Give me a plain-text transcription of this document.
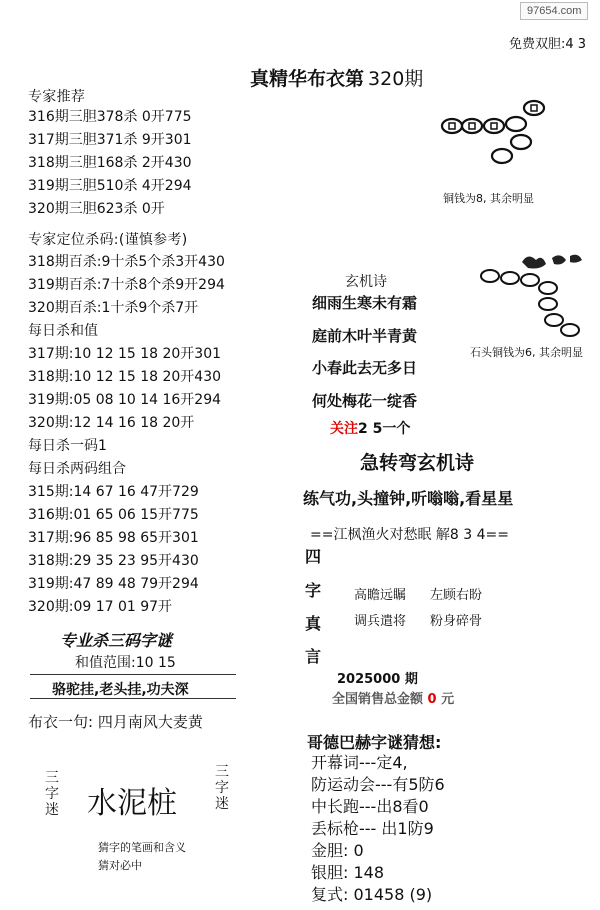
97654.com
免费双胆:4 3
真精华布衣第 320期
专家推荐
316期三胆378杀 0开775
317期三胆371杀 9开301
318期三胆168杀 2开430
319期三胆510杀 4开294
320期三胆623杀 0开
专家定位杀码:(谨慎参考)
318期百杀:9十杀5个杀3开430
319期百杀:7十杀8个杀9开294
320期百杀:1十杀9个杀7开
每日杀和值
317期:10 12 15 18 20开301
318期:10 12 15 18 20开430
319期:05 08 10 14 16开294
320期:12 14 16 18 20开
每日杀一码1
每日杀两码组合
315期:14 67 16 47开729
316期:01 65 06 15开775
317期:96 85 98 65开301
318期:29 35 23 95开430
319期:47 89 48 79开294
320期:09 17 01 97开
专业杀三码字谜
和值范围:10 15
骆驼挂,老头挂,功夫深
布衣一句: 四月南风大麦黄
三字迷 水泥桩
三字迷
猜字的笔画和含义
猜对必中
铜钱为8, 其余明显
石头铜钱为6, 其余明显
玄机诗
细雨生寒未有霜
庭前木叶半青黄
小春此去无多日
何处梅花一绽香
关注2 5一个
急转弯玄机诗
练气功,头撞钟,听嗡嗡,看星星
==江枫渔火对愁眠 解8 3 4==
四
字
真
言
高瞻远瞩 左顾右盼
调兵遣将 粉身碎骨
2025000 期
全国销售总金额 0 元
哥德巴赫字谜猜想:
开幕词---定4,
防运动会---有5防6
中长跑---出8看0
丢标枪--- 出1防9
金胆: 0
银胆: 148
复式: 01458 (9)
